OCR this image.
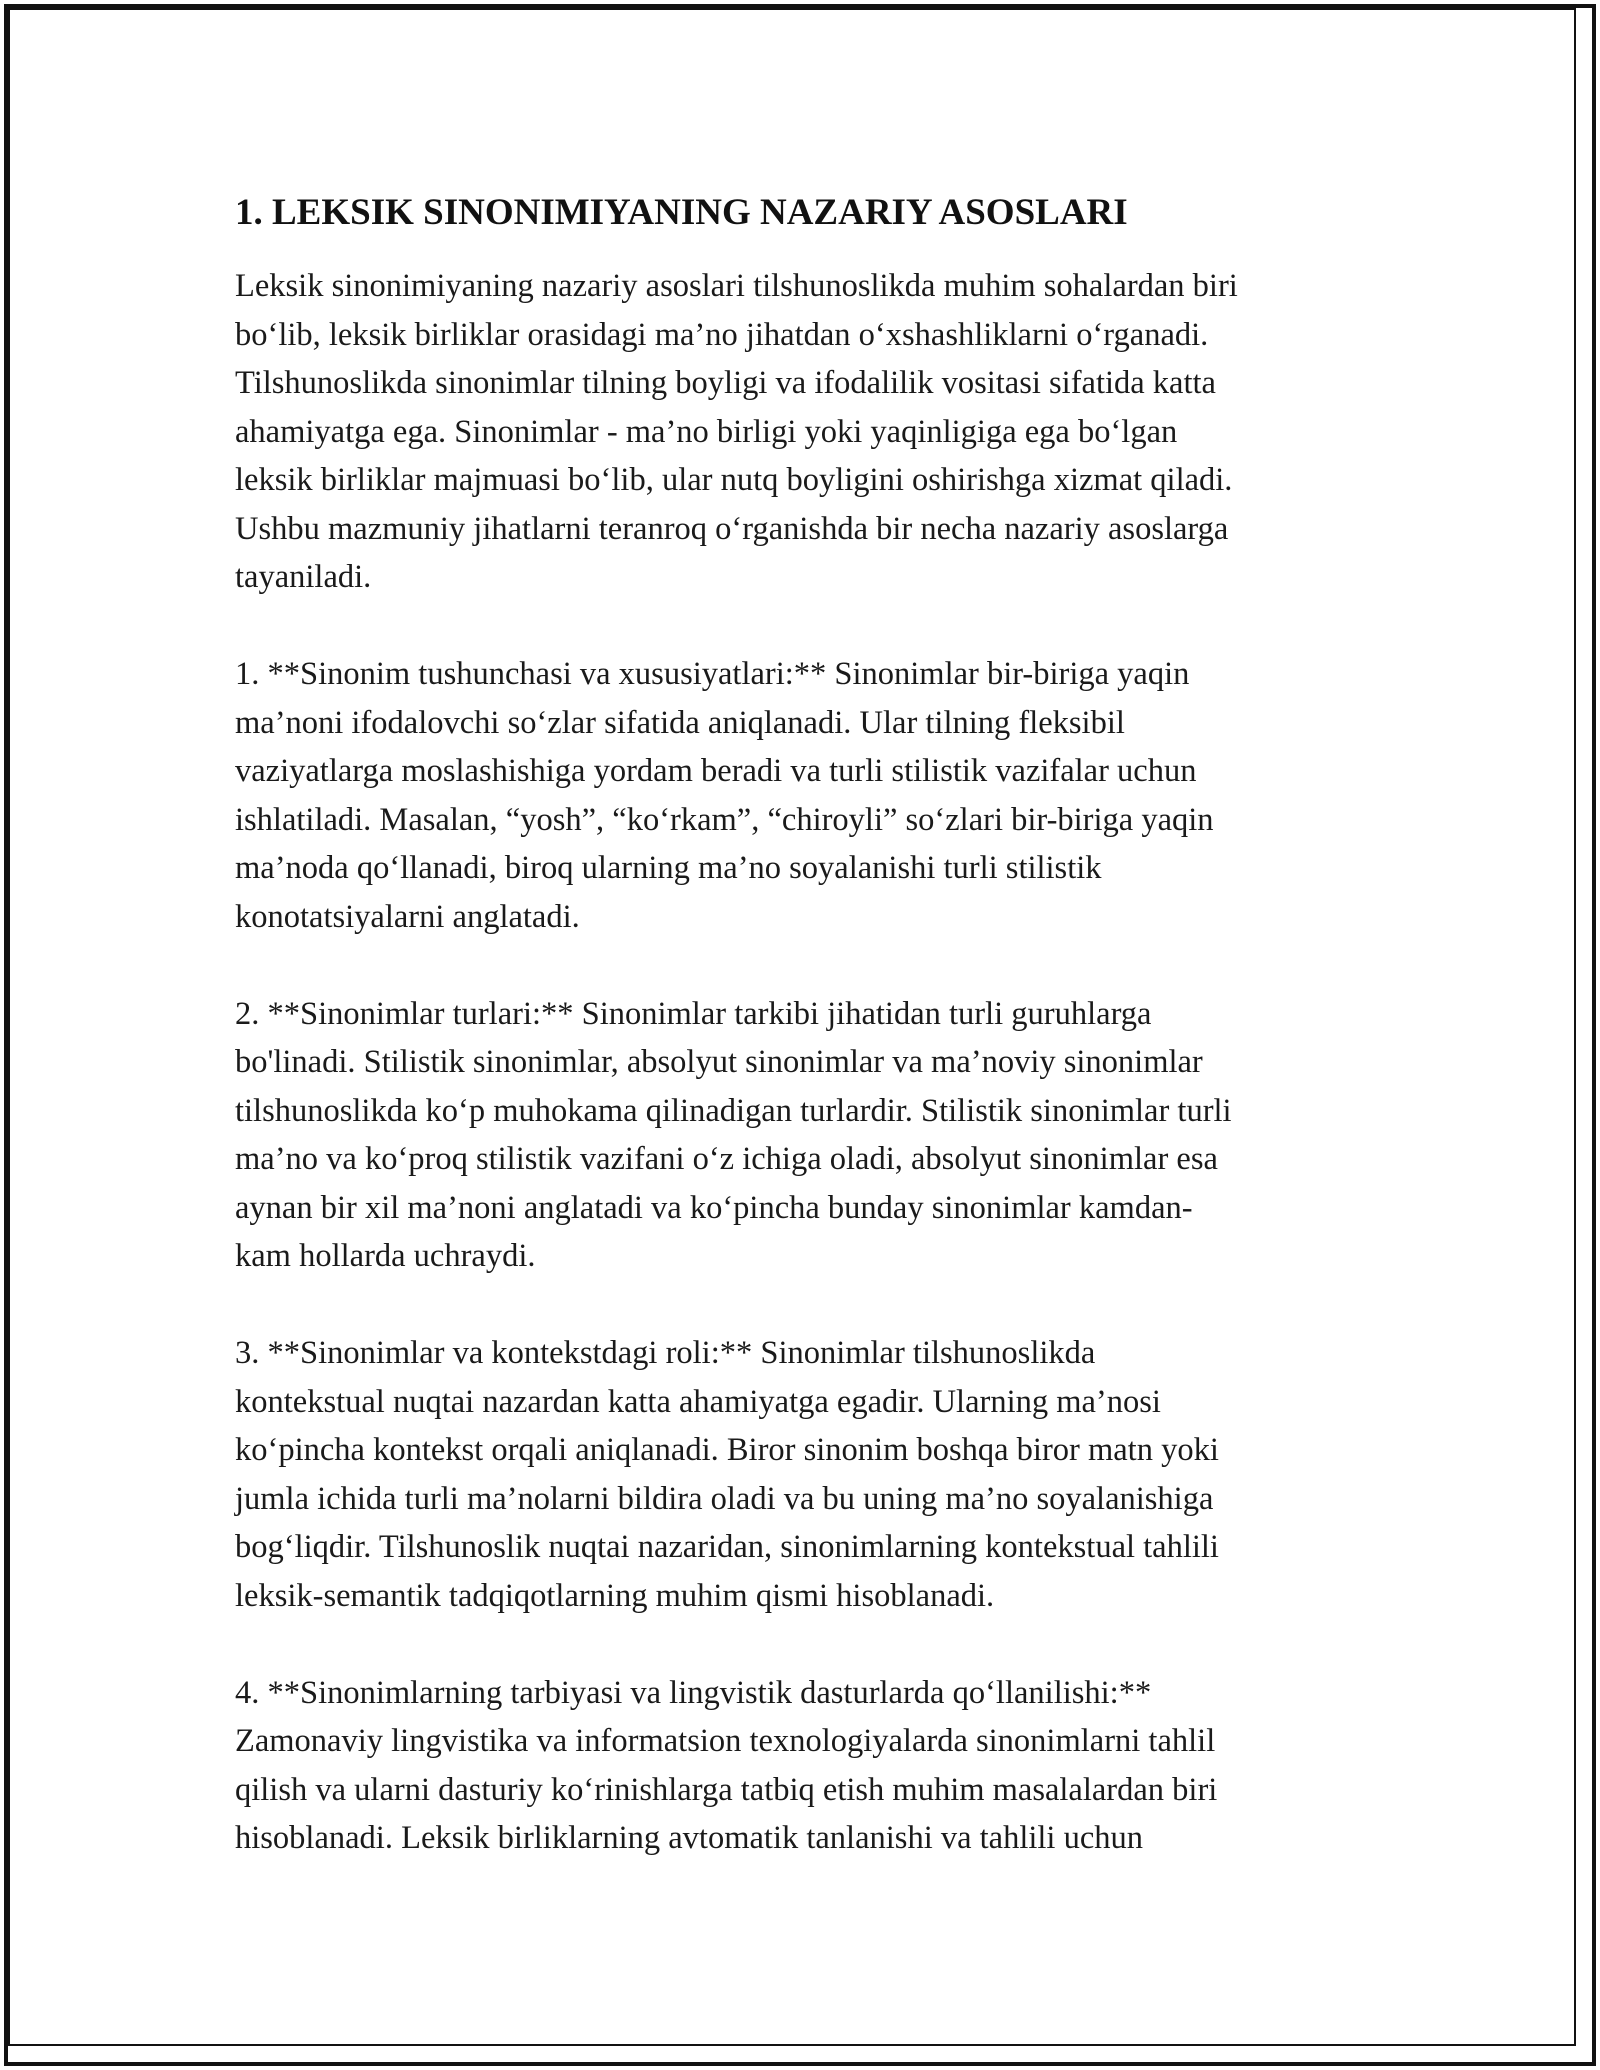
1. LEKSIK SINONIMIYANING NAZARIY ASOSLARI

Leksik sinonimiyaning nazariy asoslari tilshunoslikda muhim sohalardan biri
bo‘lib, leksik birliklar orasidagi ma’no jihatdan o‘xshashliklarni o‘rganadi.
Tilshunoslikda sinonimlar tilning boyligi va ifodalilik vositasi sifatida katta
ahamiyatga ega. Sinonimlar - ma’no birligi yoki yaqinligiga ega bo‘lgan
leksik birliklar majmuasi bo‘lib, ular nutq boyligini oshirishga xizmat qiladi.
Ushbu mazmuniy jihatlarni teranroq o‘rganishda bir necha nazariy asoslarga
tayaniladi.

1. **Sinonim tushunchasi va xususiyatlari:** Sinonimlar bir-biriga yaqin
ma’noni ifodalovchi so‘zlar sifatida aniqlanadi. Ular tilning fleksibil
vaziyatlarga moslashishiga yordam beradi va turli stilistik vazifalar uchun
ishlatiladi. Masalan, “yosh”, “ko‘rkam”, “chiroyli” so‘zlari bir-biriga yaqin
ma’noda qo‘llanadi, biroq ularning ma’no soyalanishi turli stilistik
konotatsiyalarni anglatadi.

2. **Sinonimlar turlari:** Sinonimlar tarkibi jihatidan turli guruhlarga
bo'linadi. Stilistik sinonimlar, absolyut sinonimlar va ma’noviy sinonimlar
tilshunoslikda ko‘p muhokama qilinadigan turlardir. Stilistik sinonimlar turli
ma’no va ko‘proq stilistik vazifani o‘z ichiga oladi, absolyut sinonimlar esa
aynan bir xil ma’noni anglatadi va ko‘pincha bunday sinonimlar kamdan-
kam hollarda uchraydi.

3. **Sinonimlar va kontekstdagi roli:** Sinonimlar tilshunoslikda
kontekstual nuqtai nazardan katta ahamiyatga egadir. Ularning ma’nosi
ko‘pincha kontekst orqali aniqlanadi. Biror sinonim boshqa biror matn yoki
jumla ichida turli ma’nolarni bildira oladi va bu uning ma’no soyalanishiga
bog‘liqdir. Tilshunoslik nuqtai nazaridan, sinonimlarning kontekstual tahlili
leksik-semantik tadqiqotlarning muhim qismi hisoblanadi.

4. **Sinonimlarning tarbiyasi va lingvistik dasturlarda qo‘llanilishi:**
Zamonaviy lingvistika va informatsion texnologiyalarda sinonimlarni tahlil
qilish va ularni dasturiy ko‘rinishlarga tatbiq etish muhim masalalardan biri
hisoblanadi. Leksik birliklarning avtomatik tanlanishi va tahlili uchun
